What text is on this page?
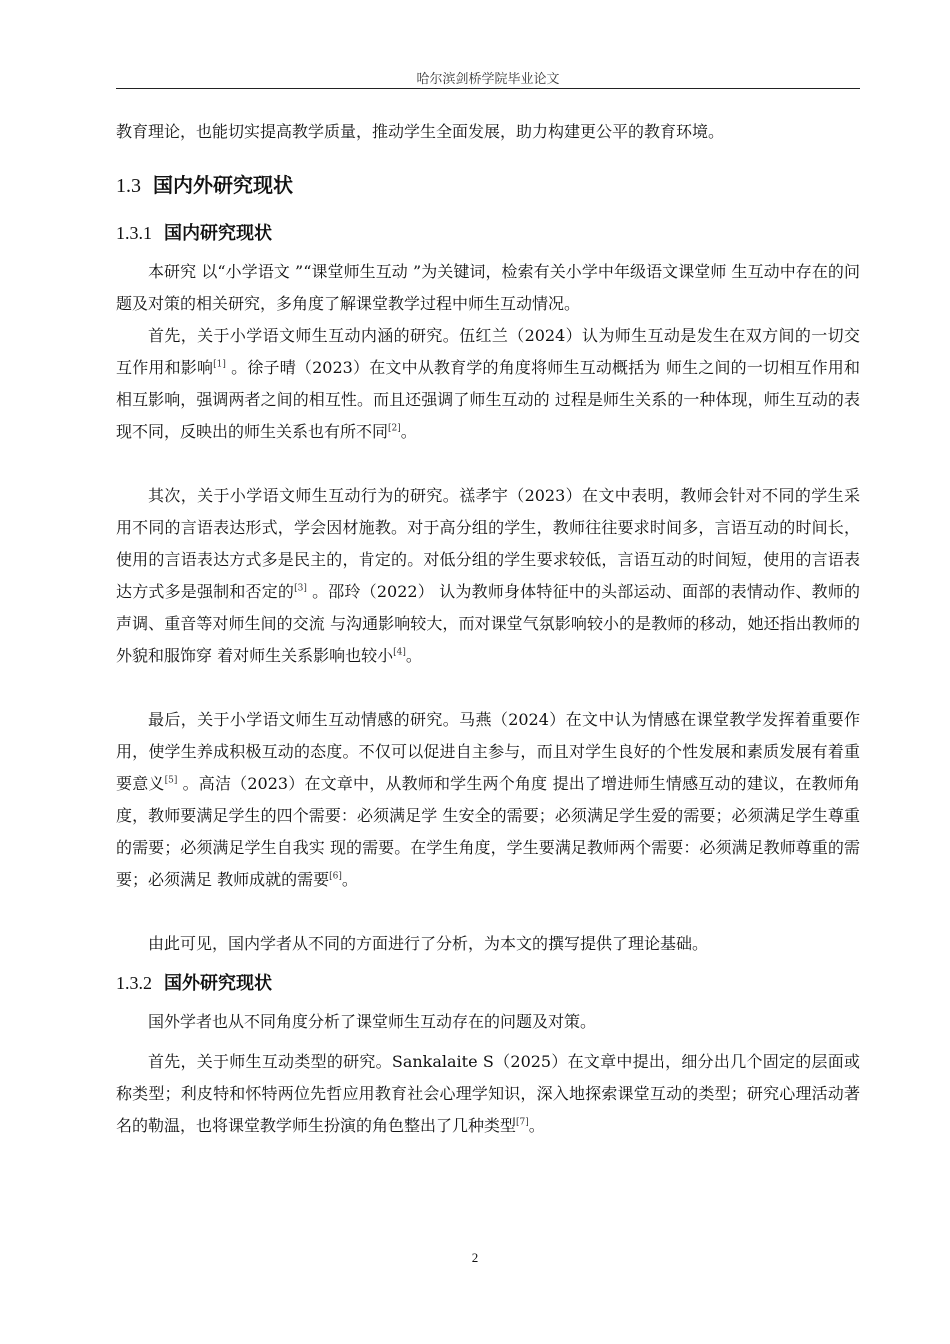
哈尔滨剑桥学院毕业论文

教育理论，也能切实提高教学质量，推动学生全面发展，助力构建更公平的教育环境。

1.3 国内外研究现状
1.3.1 国内研究现状

本研究 以“小学语文 ”“课堂师生互动 ”为关键词，检索有关小学中年级语文课堂师 生互动中存在的问题及对策的相关研究，多角度了解课堂教学过程中师生互动情况。

首先，关于小学语文师生互动内涵的研究。伍红兰（2024）认为师生互动是发生在双方间的一切交互作用和影响[1] 。徐子晴（2023）在文中从教育学的角度将师生互动概括为 师生之间的一切相互作用和相互影响，强调两者之间的相互性。而且还强调了师生互动的 过程是师生关系的一种体现，师生互动的表现不同，反映出的师生关系也有所不同[2]。

其次，关于小学语文师生互动行为的研究。禚孝宇（2023）在文中表明，教师会针对不同的学生采用不同的言语表达形式，学会因材施教。对于高分组的学生，教师往往要求时间多，言语互动的时间长，使用的言语表达方式多是民主的，肯定的。对低分组的学生要求较低，言语互动的时间短，使用的言语表达方式多是强制和否定的[3] 。邵玲（2022） 认为教师身体特征中的头部运动、面部的表情动作、教师的声调、重音等对师生间的交流 与沟通影响较大，而对课堂气氛影响较小的是教师的移动，她还指出教师的外貌和服饰穿 着对师生关系影响也较小[4]。

最后，关于小学语文师生互动情感的研究。马燕（2024）在文中认为情感在课堂教学发挥着重要作用，使学生养成积极互动的态度。不仅可以促进自主参与，而且对学生良好的个性发展和素质发展有着重要意义[5] 。高洁（2023）在文章中，从教师和学生两个角度 提出了增进师生情感互动的建议，在教师角度，教师要满足学生的四个需要：必须满足学 生安全的需要；必须满足学生爱的需要；必须满足学生尊重的需要；必须满足学生自我实 现的需要。在学生角度，学生要满足教师两个需要：必须满足教师尊重的需要；必须满足 教师成就的需要[6]。

由此可见，国内学者从不同的方面进行了分析，为本文的撰写提供了理论基础。

1.3.2 国外研究现状

国外学者也从不同角度分析了课堂师生互动存在的问题及对策。

首先，关于师生互动类型的研究。Sankalaite S（2025）在文章中提出，细分出几个固定的层面或称类型；利皮特和怀特两位先哲应用教育社会心理学知识，深入地探索课堂互动的类型；研究心理活动著名的勒温，也将课堂教学师生扮演的角色整出了几种类型[7]。

2
